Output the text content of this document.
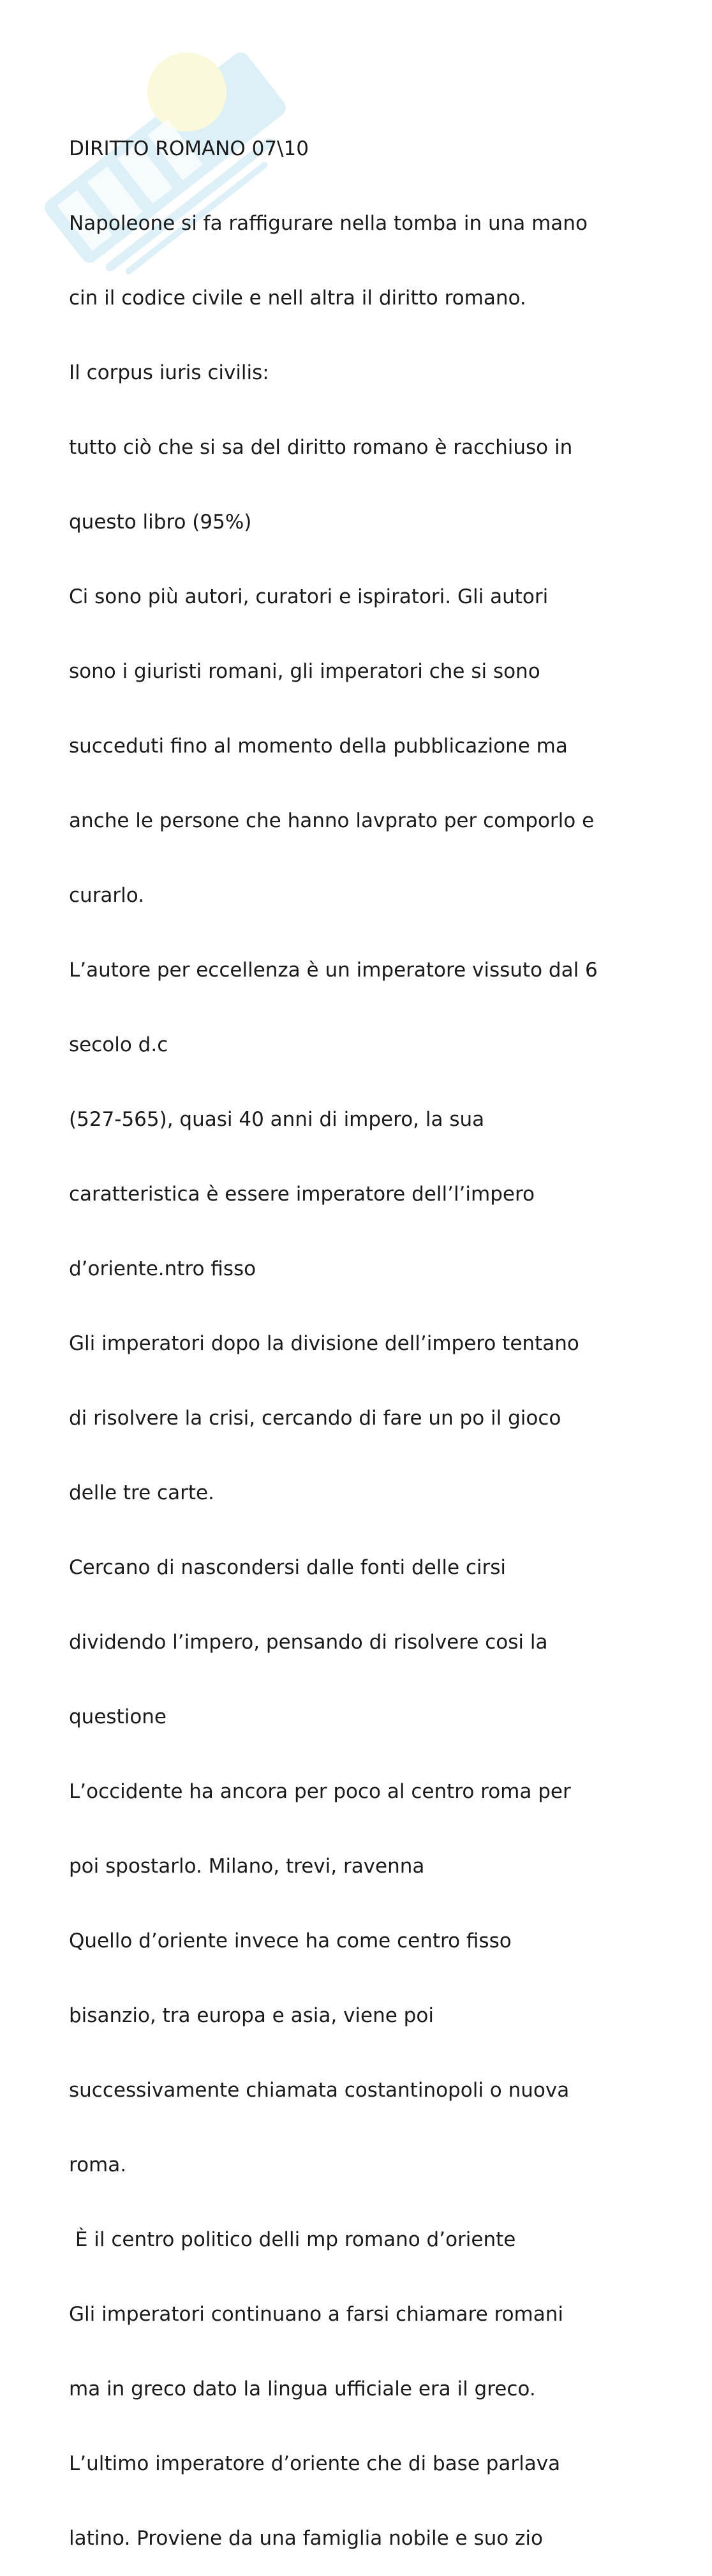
DIRITTO ROMANO 07\10

Napoleone si fa raffigurare nella tomba in una mano

cin il codice civile e nell altra il diritto romano.

Il corpus iuris civilis:

tutto ciò che si sa del diritto romano è racchiuso in

questo libro (95%)

Ci sono più autori, curatori e ispiratori. Gli autori

sono i giuristi romani, gli imperatori che si sono

succeduti fino al momento della pubblicazione ma

anche le persone che hanno lavprato per comporlo e

curarlo.

L’autore per eccellenza è un imperatore vissuto dal 6

secolo d.c

(527-565), quasi 40 anni di impero, la sua

caratteristica è essere imperatore dell’l’impero

d’oriente.ntro fisso

Gli imperatori dopo la divisione dell’impero tentano

di risolvere la crisi, cercando di fare un po il gioco

delle tre carte.

Cercano di nascondersi dalle fonti delle cirsi

dividendo l’impero, pensando di risolvere cosi la

questione

L’occidente ha ancora per poco al centro roma per

poi spostarlo. Milano, trevi, ravenna

Quello d’oriente invece ha come centro fisso

bisanzio, tra europa e asia, viene poi

successivamente chiamata costantinopoli o nuova

roma.

È il centro politico delli mp romano d’oriente

Gli imperatori continuano a farsi chiamare romani

ma in greco dato la lingua ufficiale era il greco.

L’ultimo imperatore d’oriente che di base parlava

latino. Proviene da una famiglia nobile e suo zio
